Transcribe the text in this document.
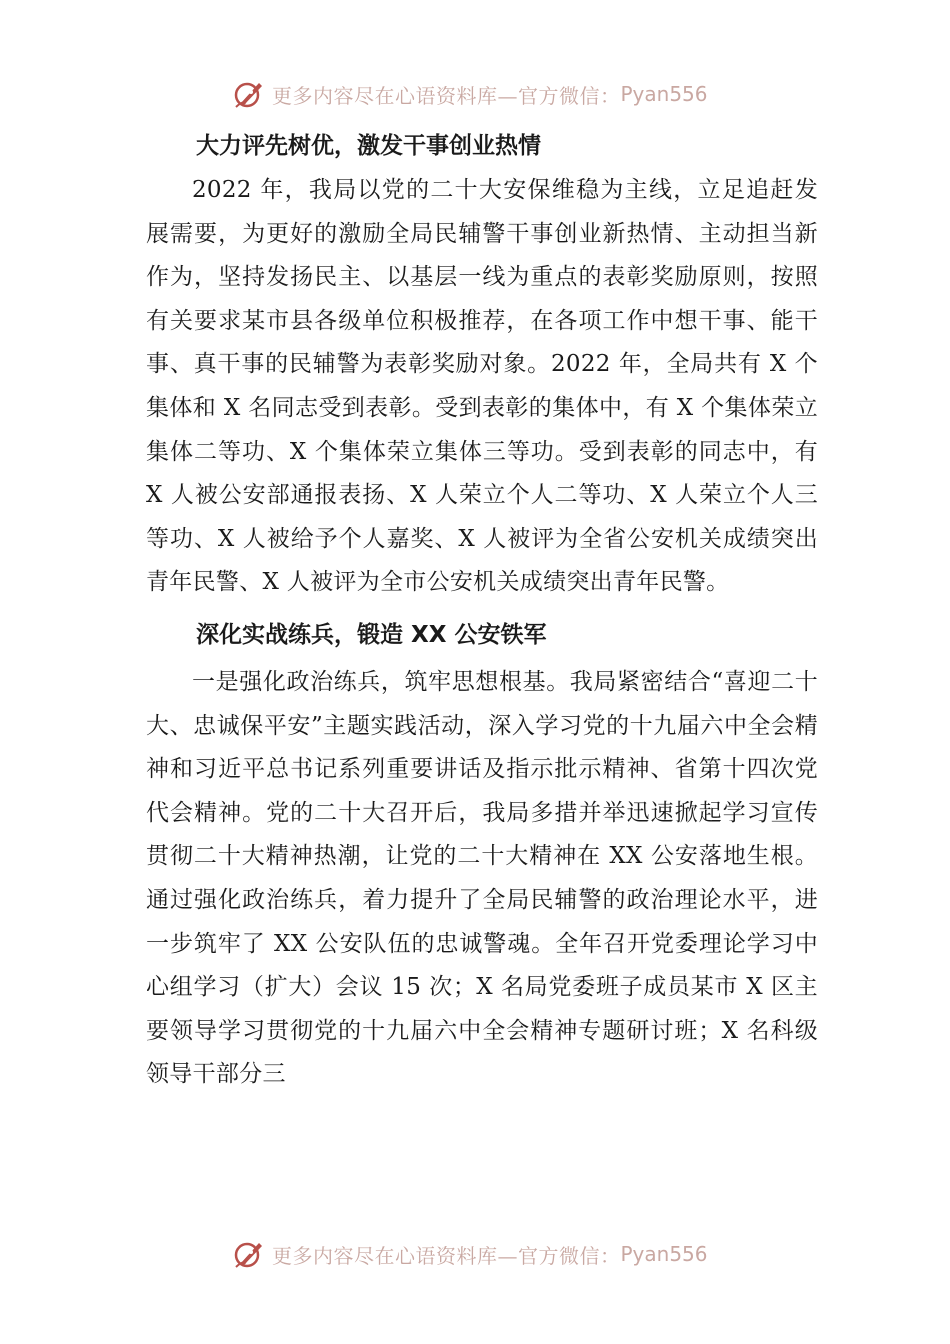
更多内容尽在心语资料库—官方微信： Pyan556
大力评先树优，激发干事创业热情

2022 年，我局以党的二十大安保维稳为主线，立足追赶发展需要，为更好的激励全局民辅警干事创业新热情、主动担当新作为，坚持发扬民主、以基层一线为重点的表彰奖励原则，按照有关要求某市县各级单位积极推荐，在各项工作中想干事、能干事、真干事的民辅警为表彰奖励对象。2022 年，全局共有 X 个集体和 X 名同志受到表彰。受到表彰的集体中，有 X 个集体荣立集体二等功、X 个集体荣立集体三等功。受到表彰的同志中，有 X 人被公安部通报表扬、X 人荣立个人二等功、X 人荣立个人三等功、X 人被给予个人嘉奖、X 人被评为全省公安机关成绩突出青年民警、X 人被评为全市公安机关成绩突出青年民警。

深化实战练兵，锻造 XX 公安铁军

一是强化政治练兵，筑牢思想根基。我局紧密结合“喜迎二十大、忠诚保平安”主题实践活动，深入学习党的十九届六中全会精神和习近平总书记系列重要讲话及指示批示精神、省第十四次党代会精神。党的二十大召开后，我局多措并举迅速掀起学习宣传贯彻二十大精神热潮，让党的二十大精神在 XX 公安落地生根。通过强化政治练兵，着力提升了全局民辅警的政治理论水平，进一步筑牢了 XX 公安队伍的忠诚警魂。全年召开党委理论学习中心组学习（扩大）会议 15 次；X 名局党委班子成员某市 X 区主要领导学习贯彻党的十九届六中全会精神专题研讨班；X 名科级领导干部分三

更多内容尽在心语资料库—官方微信： Pyan556
